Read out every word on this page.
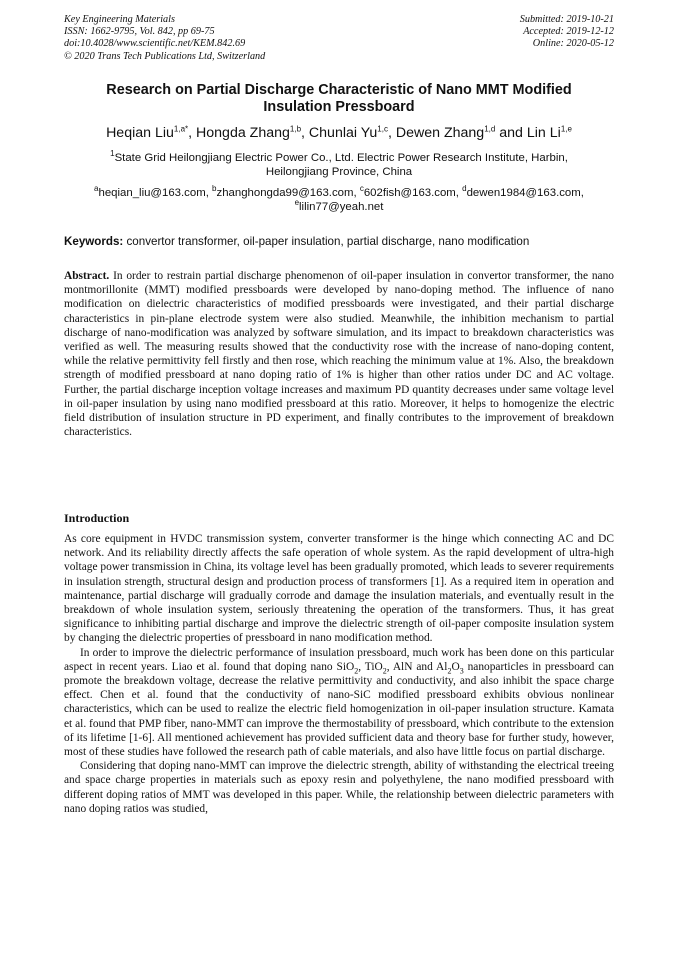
Key Engineering Materials
ISSN: 1662-9795, Vol. 842, pp 69-75
doi:10.4028/www.scientific.net/KEM.842.69
© 2020 Trans Tech Publications Ltd, Switzerland
Submitted: 2019-10-21
Accepted: 2019-12-12
Online: 2020-05-12
Research on Partial Discharge Characteristic of Nano MMT Modified
Insulation Pressboard
Heqian Liu$^{1,a*}$, Hongda Zhang$^{1,b}$, Chunlai Yu$^{1,c}$, Dewen Zhang$^{1,d}$ and Lin Li$^{1,e}$
$^1$State Grid Heilongjiang Electric Power Co., Ltd. Electric Power Research Institute, Harbin,
Heilongjiang Province, China
$^a$heqian_liu@163.com, $^b$zhanghongda99@163.com, $^c$602fish@163.com, $^d$dewen1984@163.com,
$^e$lilin77@yeah.net
Keywords: convertor transformer, oil-paper insulation, partial discharge, nano modification
Abstract. In order to restrain partial discharge phenomenon of oil-paper insulation in convertor transformer, the nano montmorillonite (MMT) modified pressboards were developed by nano-doping method. The influence of nano modification on dielectric characteristics of modified pressboards were investigated, and their partial discharge characteristics in pin-plane electrode system were also studied. Meanwhile, the inhibition mechanism to partial discharge of nano-modification was analyzed by software simulation, and its impact to breakdown characteristics was verified as well. The measuring results showed that the conductivity rose with the increase of nano-doping content, while the relative permittivity fell firstly and then rose, which reaching the minimum value at 1%. Also, the breakdown strength of modified pressboard at nano doping ratio of 1% is higher than other ratios under DC and AC voltage. Further, the partial discharge inception voltage increases and maximum PD quantity decreases under same voltage level in oil-paper insulation by using nano modified pressboard at this ratio. Moreover, it helps to homogenize the electric field distribution of insulation structure in PD experiment, and finally contributes to the improvement of breakdown characteristics.
Introduction

As core equipment in HVDC transmission system, converter transformer is the hinge which connecting AC and DC network. And its reliability directly affects the safe operation of whole system. As the rapid development of ultra-high voltage power transmission in China, its voltage level has been gradually promoted, which leads to severer requirements in insulation strength, structural design and production process of transformers [1]. As a required item in operation and maintenance, partial discharge will gradually corrode and damage the insulation materials, and eventually result in the breakdown of whole insulation system, seriously threatening the operation of the transformers. Thus, it has great significance to inhibiting partial discharge and improve the dielectric strength of oil-paper composite insulation system by changing the dielectric properties of pressboard in nano modification method.

In order to improve the dielectric performance of insulation pressboard, much work has been done on this particular aspect in recent years. Liao et al. found that doping nano SiO$_2$, TiO$_2$, AlN and $Al_2O_3$ nanoparticles in pressboard can promote the breakdown voltage, decrease the relative permittivity and conductivity, and also inhibit the space charge effect. Chen et al. found that the conductivity of nano-SiC modified pressboard exhibits obvious nonlinear characteristics, which can be used to realize the electric field homogenization in oil-paper insulation structure. Kamata et al. found that PMP fiber, nano-MMT can improve the thermostability of pressboard, which contribute to the extension of its lifetime [1-6]. All mentioned achievement has provided sufficient data and theory base for further study, however, most of these studies have followed the research path of cable materials, and also have little focus on partial discharge.

Considering that doping nano-MMT can improve the dielectric strength, ability of withstanding the electrical treeing and space charge properties in materials such as epoxy resin and polyethylene, the nano modified pressboard with different doping ratios of MMT was developed in this paper. While, the relationship between dielectric parameters with nano doping ratios was studied,
